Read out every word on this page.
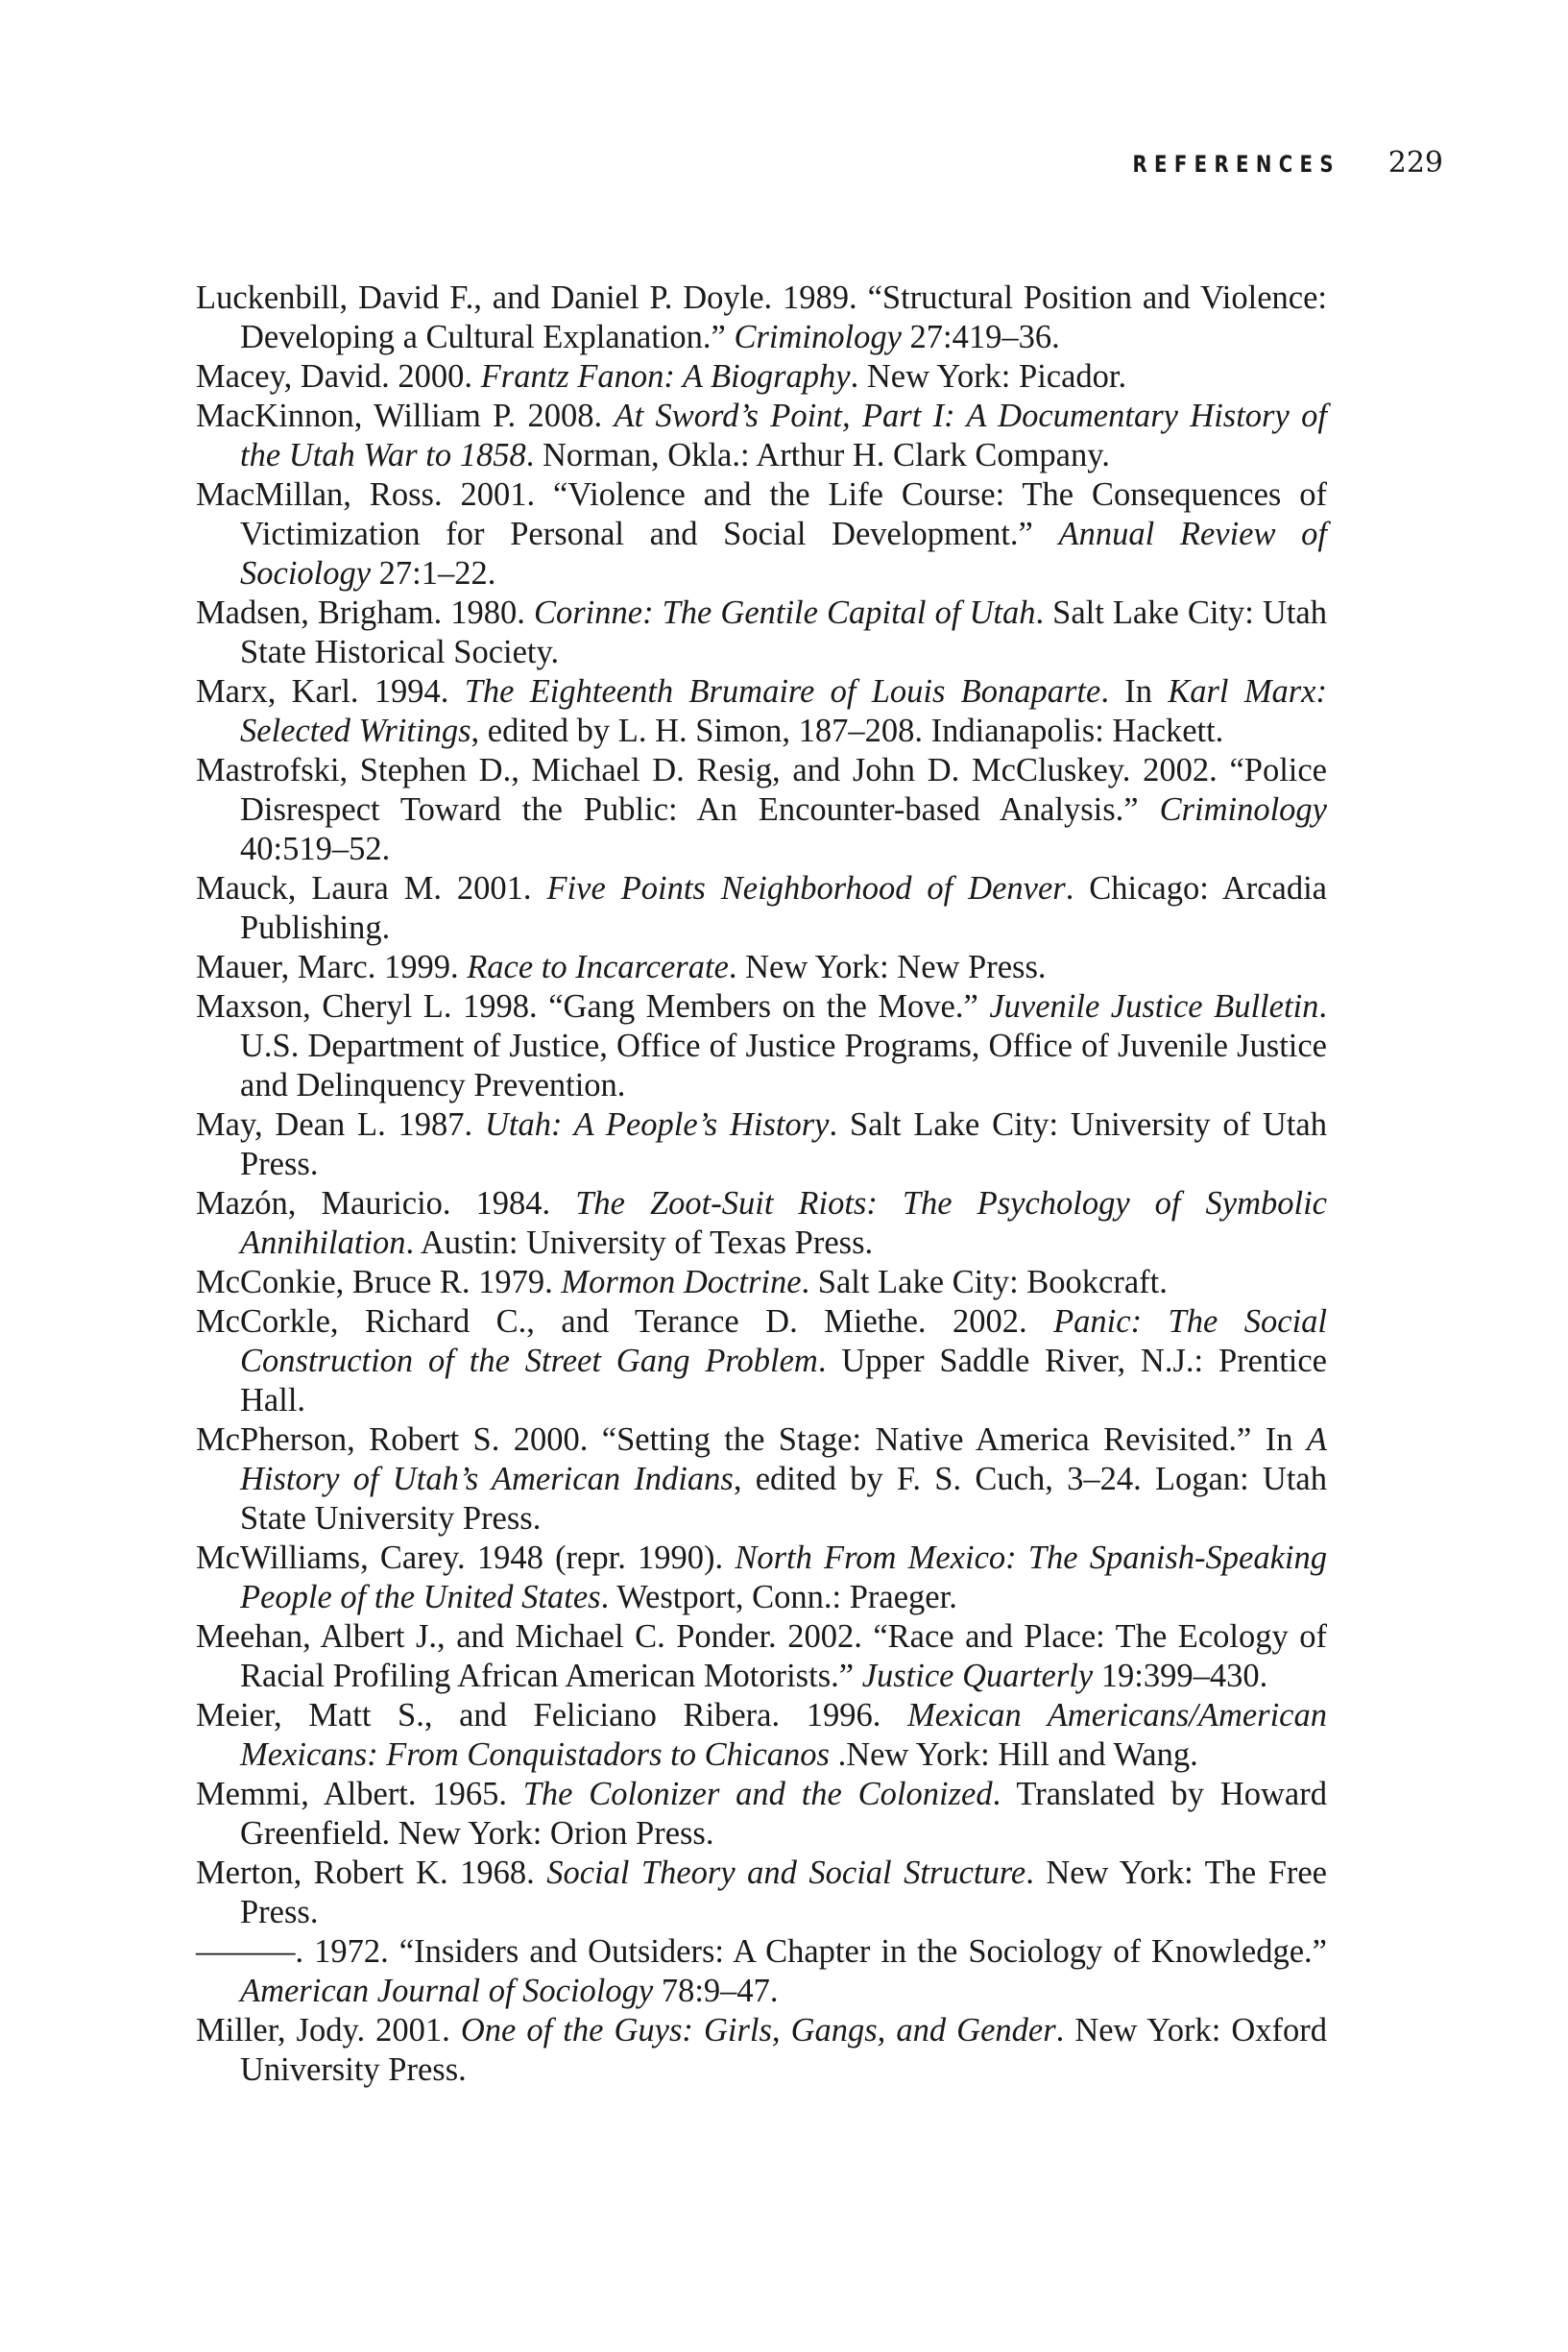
REFERENCES 229
Luckenbill, David F., and Daniel P. Doyle. 1989. “Structural Position and Violence: Developing a Cultural Explanation.” Criminology 27:419–36.
Macey, David. 2000. Frantz Fanon: A Biography. New York: Picador.
MacKinnon, William P. 2008. At Sword’s Point, Part I: A Documentary History of the Utah War to 1858. Norman, Okla.: Arthur H. Clark Company.
MacMillan, Ross. 2001. “Violence and the Life Course: The Consequences of Victimization for Personal and Social Development.” Annual Review of Sociology 27:1–22.
Madsen, Brigham. 1980. Corinne: The Gentile Capital of Utah. Salt Lake City: Utah State Historical Society.
Marx, Karl. 1994. The Eighteenth Brumaire of Louis Bonaparte. In Karl Marx: Selected Writings, edited by L. H. Simon, 187–208. Indianapolis: Hackett.
Mastrofski, Stephen D., Michael D. Resig, and John D. McCluskey. 2002. “Police Disrespect Toward the Public: An Encounter-based Analysis.” Criminology 40:519–52.
Mauck, Laura M. 2001. Five Points Neighborhood of Denver. Chicago: Arcadia Publishing.
Mauer, Marc. 1999. Race to Incarcerate. New York: New Press.
Maxson, Cheryl L. 1998. “Gang Members on the Move.” Juvenile Justice Bulletin. U.S. Department of Justice, Office of Justice Programs, Office of Juvenile Justice and Delinquency Prevention.
May, Dean L. 1987. Utah: A People’s History. Salt Lake City: University of Utah Press.
Mazón, Mauricio. 1984. The Zoot-Suit Riots: The Psychology of Symbolic Annihilation. Austin: University of Texas Press.
McConkie, Bruce R. 1979. Mormon Doctrine. Salt Lake City: Bookcraft.
McCorkle, Richard C., and Terance D. Miethe. 2002. Panic: The Social Construction of the Street Gang Problem. Upper Saddle River, N.J.: Prentice Hall.
McPherson, Robert S. 2000. “Setting the Stage: Native America Revisited.” In A History of Utah’s American Indians, edited by F. S. Cuch, 3–24. Logan: Utah State University Press.
McWilliams, Carey. 1948 (repr. 1990). North From Mexico: The Spanish-Speaking People of the United States. Westport, Conn.: Praeger.
Meehan, Albert J., and Michael C. Ponder. 2002. “Race and Place: The Ecology of Racial Profiling African American Motorists.” Justice Quarterly 19:399–430.
Meier, Matt S., and Feliciano Ribera. 1996. Mexican Americans/American Mexicans: From Conquistadors to Chicanos .New York: Hill and Wang.
Memmi, Albert. 1965. The Colonizer and the Colonized. Translated by Howard Greenfield. New York: Orion Press.
Merton, Robert K. 1968. Social Theory and Social Structure. New York: The Free Press.
———. 1972. “Insiders and Outsiders: A Chapter in the Sociology of Knowledge.” American Journal of Sociology 78:9–47.
Miller, Jody. 2001. One of the Guys: Girls, Gangs, and Gender. New York: Oxford University Press.
